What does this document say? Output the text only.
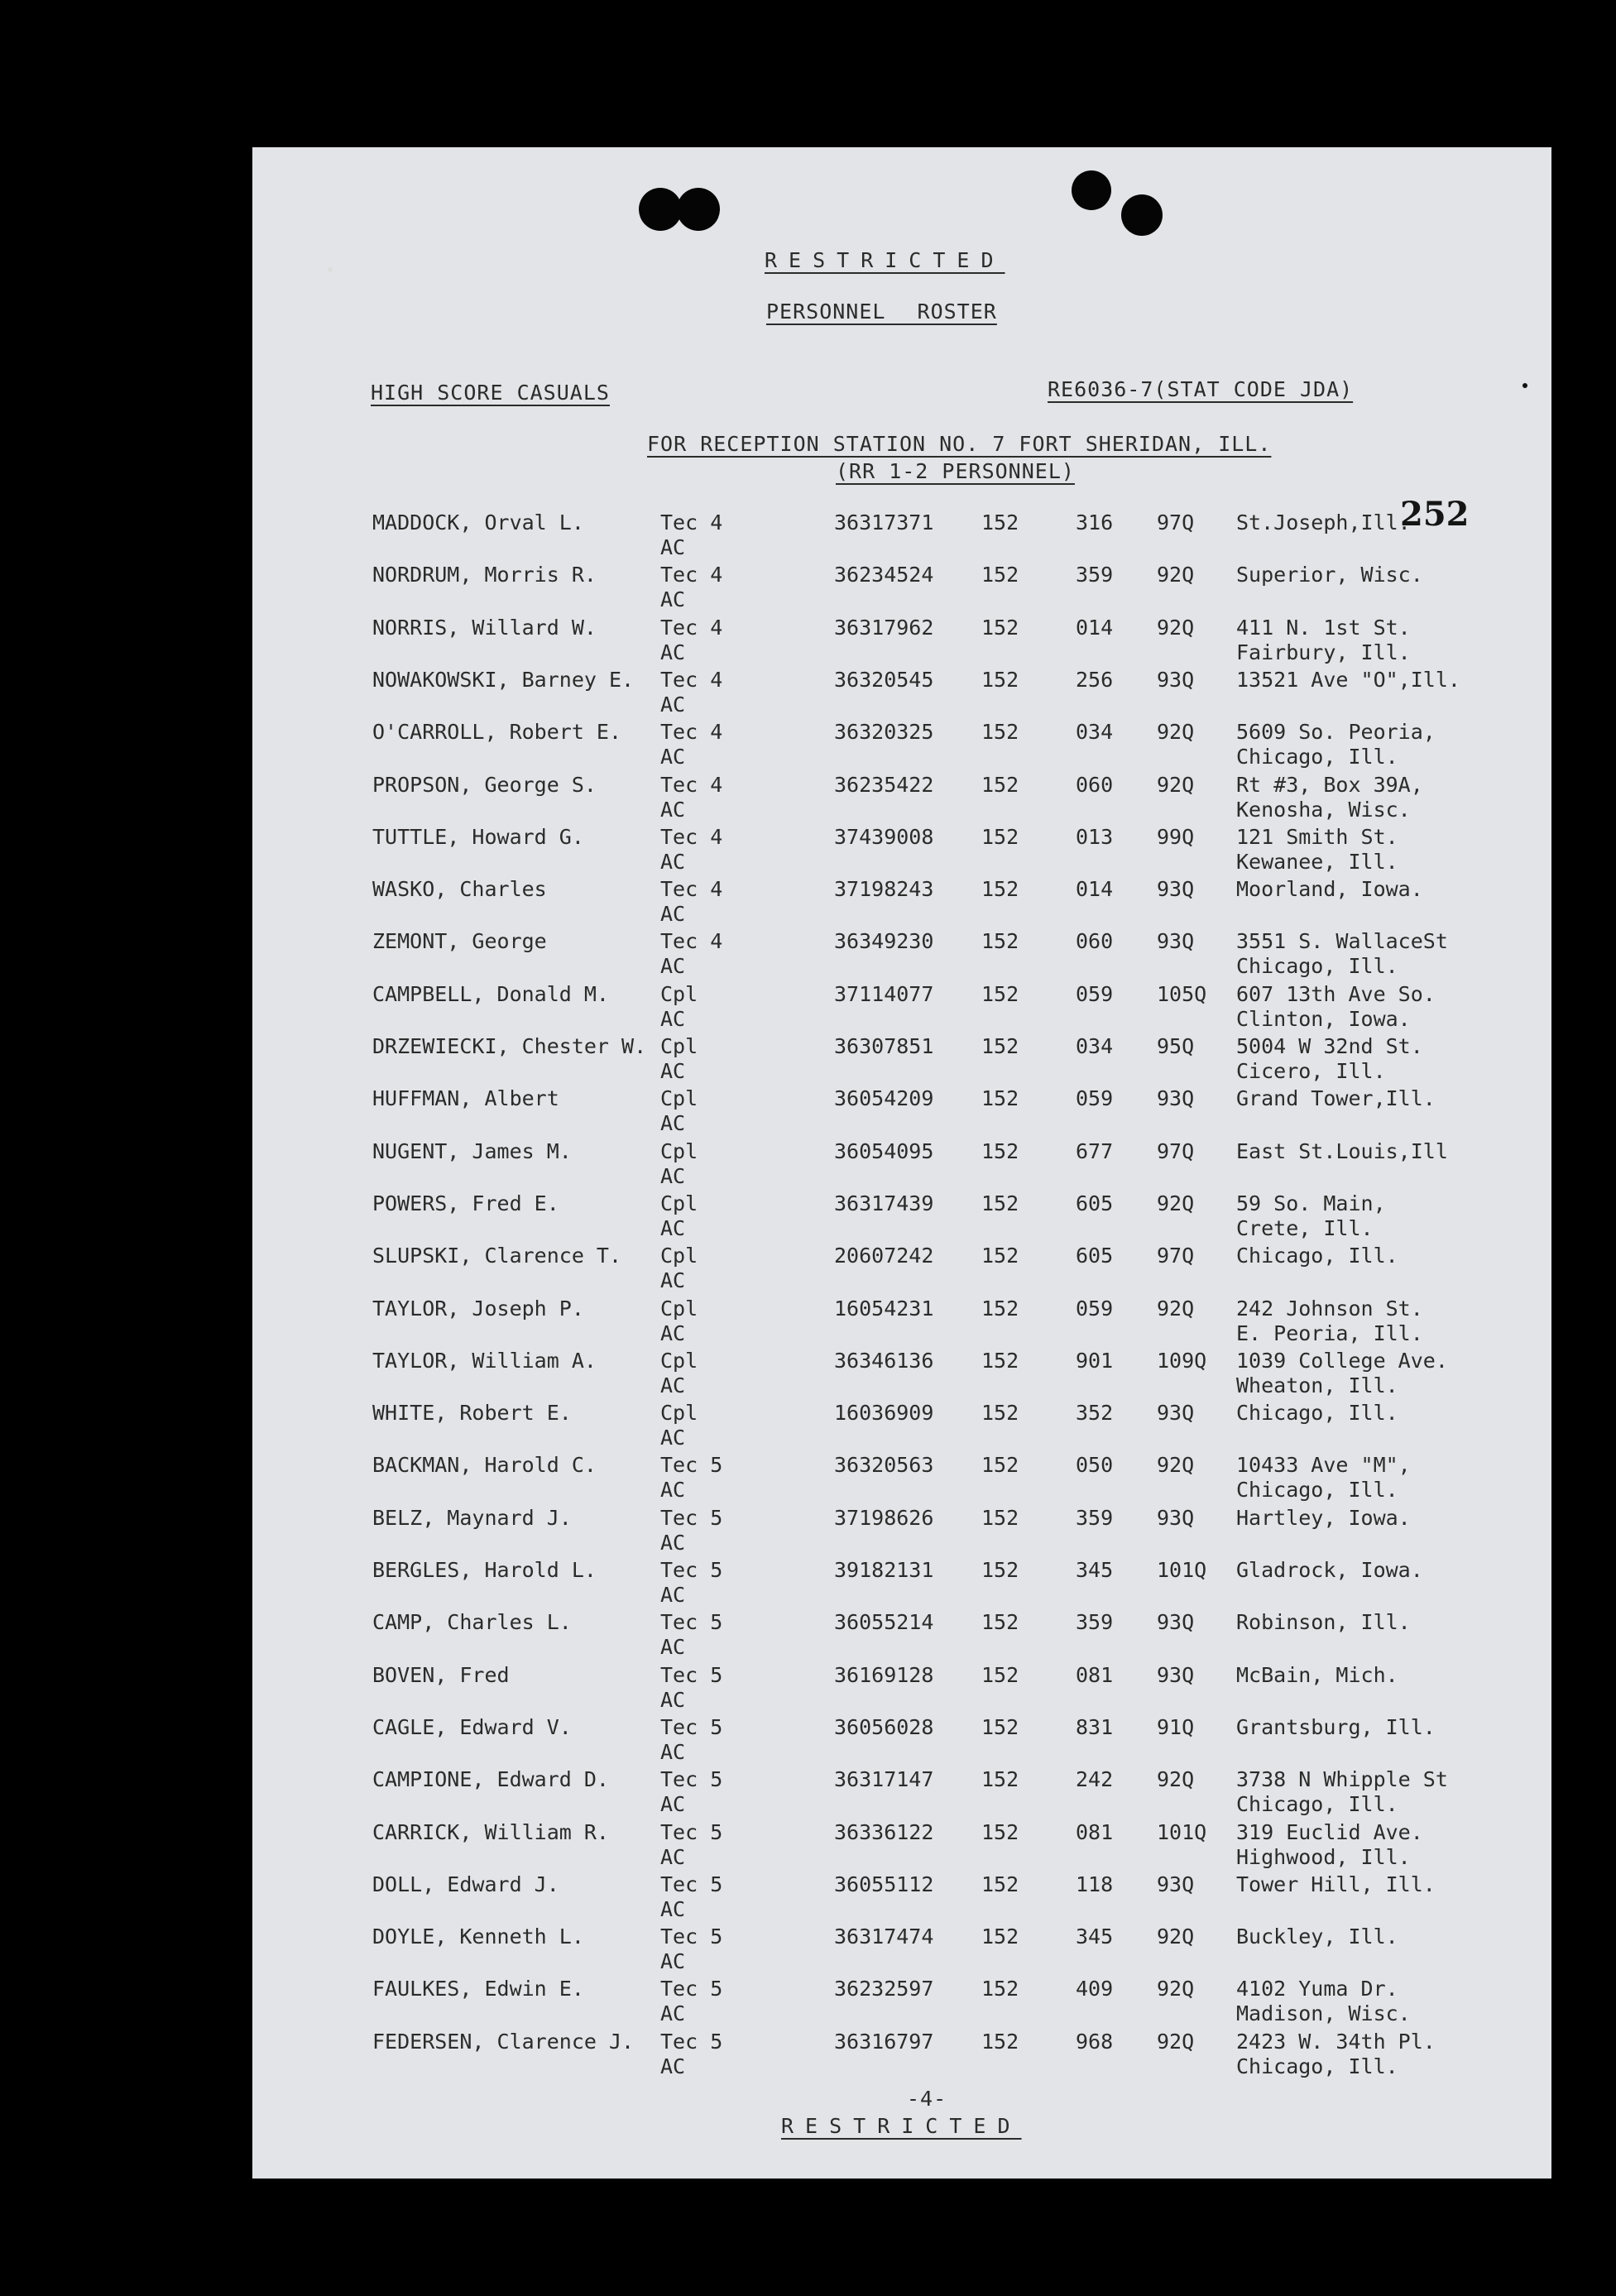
RESTRICTED
PERSONNEL ROSTER
HIGH SCORE CASUALS	RE6036-7(STAT CODE JDA)
FOR RECEPTION STATION NO. 7 FORT SHERIDAN, ILL.
(RR 1-2 PERSONNEL)
252
MADDOCK, Orval L.	Tec 4
AC
36317371 152	316 97Q St.Joseph,Ill.
NORDRUM, Morris R.	Tec 4
AC
36234524 152	359 92Q Superior, Wisc.
NORRIS, Willard W.	Tec 4
AC
36317962 152	014 92Q 411 N. 1st St.
Fairbury, Ill.
NOWAKOWSKI, Barney E. Tec 4
AC
36320545 152	256 93Q 13521 Ave "O",Ill.
O'CARROLL, Robert E. Tec 4
AC
36320325 152	034 92Q 5609 So. Peoria,
Chicago, Ill.
PROPSON, George S.	Tec 4
AC
36235422 152	060 92Q Rt #3, Box 39A,
Kenosha, Wisc.
TUTTLE, Howard G.	Tec 4
AC
37439008 152	013 99Q 121 Smith St.
Kewanee, Ill.
WASKO, Charles	Tec 4
AC
37198243 152	014 93Q Moorland, Iowa.
ZEMONT, George	Tec 4
AC
36349230 152	060 93Q 3551 S. WallaceSt
Chicago, Ill.
CAMPBELL, Donald M. Cpl
AC
37114077 152	059 105Q 607 13th Ave So.
Clinton, Iowa.
DRZEWIECKI, Chester W. Cpl
AC
36307851 152	034 95Q 5004 W 32nd St.
Cicero, Ill.
HUFFMAN, Albert	Cpl
AC
36054209 152	059 93Q Grand Tower,Ill.
NUGENT, James M.	Cpl
AC
36054095 152	677 97Q East St.Louis,Ill
POWERS, Fred E.	Cpl
AC
36317439 152	605 92Q 59 So. Main,
Crete, Ill.
SLUPSKI, Clarence T. Cpl
AC
20607242 152	605 97Q Chicago, Ill.
TAYLOR, Joseph P.	Cpl
AC
16054231 152	059 92Q 242 Johnson St.
E. Peoria, Ill.
TAYLOR, William A.	Cpl
AC
36346136 152	901 109Q 1039 College Ave.
Wheaton, Ill.
WHITE, Robert E.	Cpl
AC
16036909 152	352 93Q Chicago, Ill.
BACKMAN, Harold C.	Tec 5
AC
36320563 152	050 92Q 10433 Ave "M",
Chicago, Ill.
BELZ, Maynard J.	Tec 5
AC
37198626 152	359 93Q Hartley, Iowa.
BERGLES, Harold L.	Tec 5
AC
39182131 152	345 101Q Gladrock, Iowa.
CAMP, Charles L.	Tec 5
AC
36055214 152	359 93Q Robinson, Ill.
BOVEN, Fred	Tec 5
AC
36169128 152	081 93Q McBain, Mich.
CAGLE, Edward V.	Tec 5
AC
36056028 152	831 91Q Grantsburg, Ill.
CAMPIONE, Edward D. Tec 5
AC
36317147 152	242 92Q 3738 N Whipple St
Chicago, Ill.
CARRICK, William R. Tec 5
AC
36336122 152	081 101Q 319 Euclid Ave.
Highwood, Ill.
DOLL, Edward J.	Tec 5
AC
36055112 152	118 93Q Tower Hill, Ill.
DOYLE, Kenneth L.	Tec 5
AC
36317474 152	345 92Q Buckley, Ill.
FAULKES, Edwin E.	Tec 5
AC
36232597 152	409 92Q 4102 Yuma Dr.
Madison, Wisc.
FEDERSEN, Clarence J. Tec 5
AC
36316797 152	968 92Q 2423 W. 34th Pl.
Chicago, Ill.
-4-
RESTRICTED
